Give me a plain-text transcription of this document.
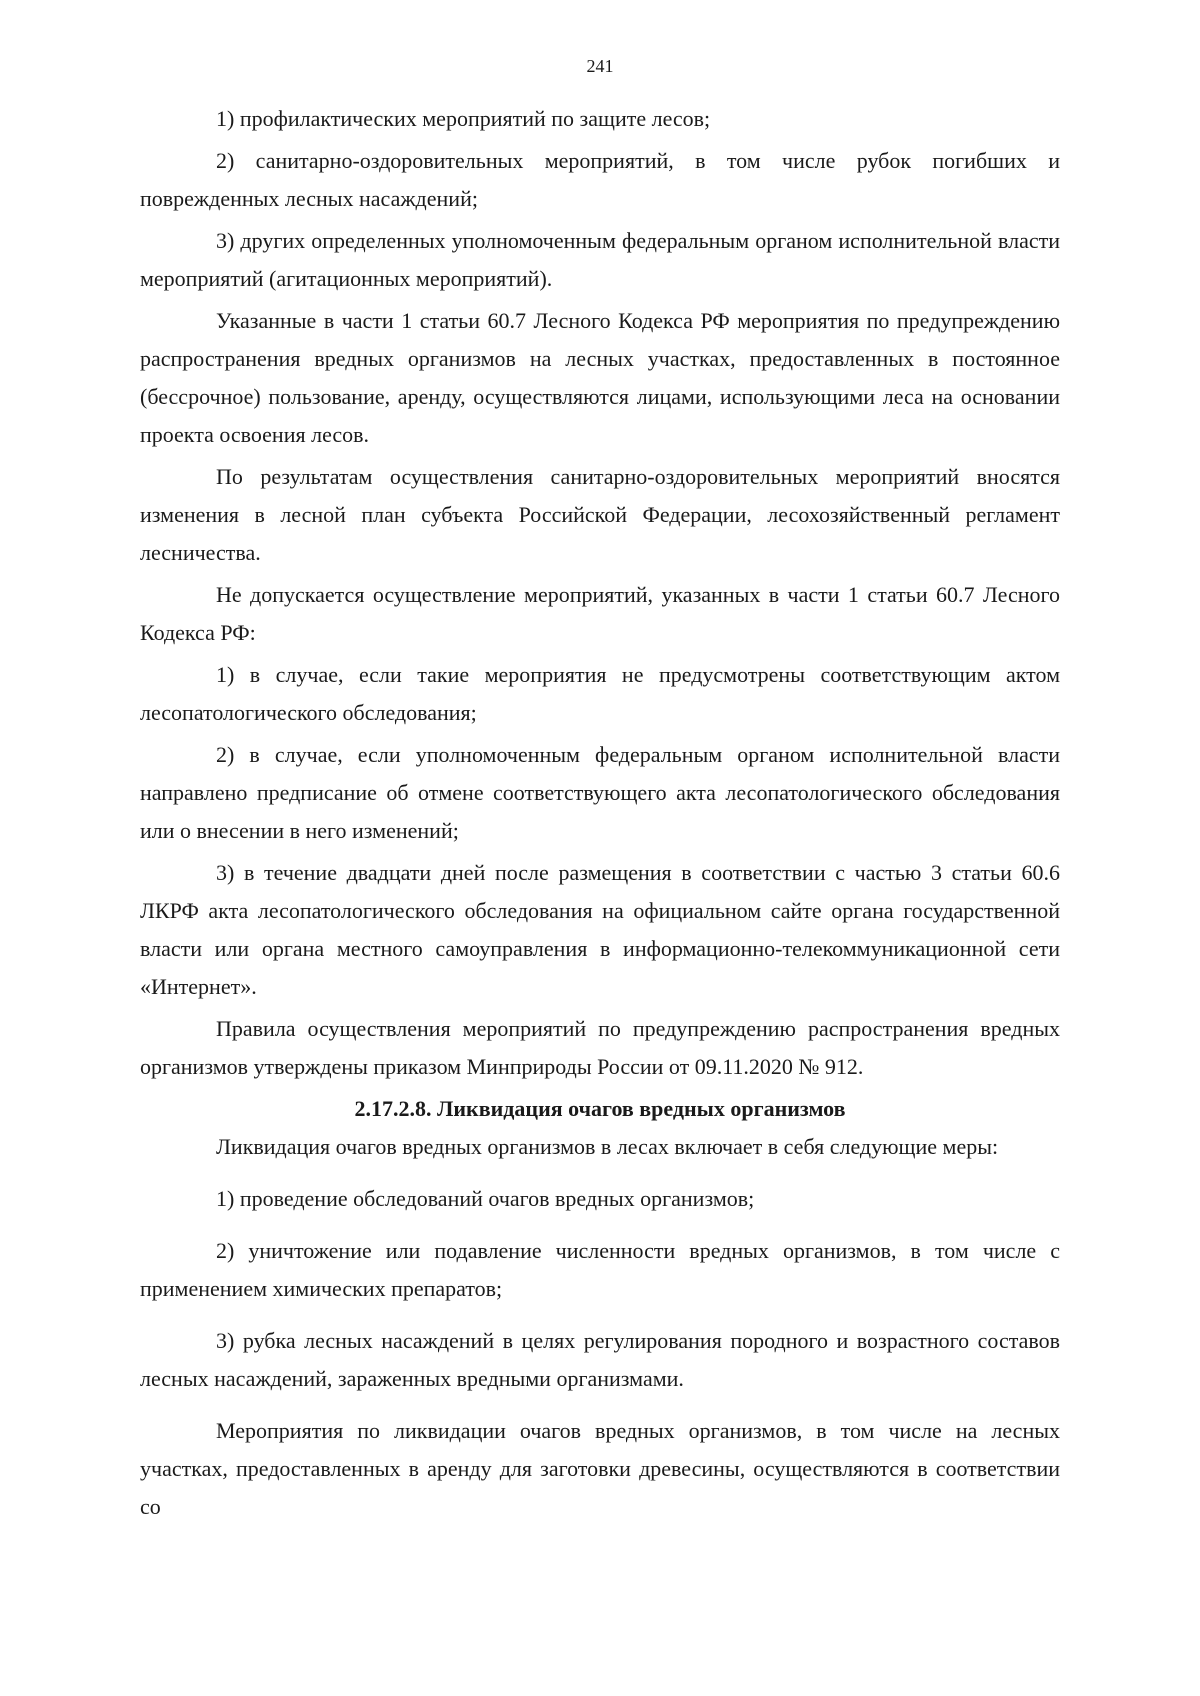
241

1) профилактических мероприятий по защите лесов;

2) санитарно-оздоровительных мероприятий, в том числе рубок погибших и поврежденных лесных насаждений;

3) других определенных уполномоченным федеральным органом исполнительной власти мероприятий (агитационных мероприятий).

Указанные в части 1 статьи 60.7 Лесного Кодекса РФ мероприятия по предупреждению распространения вредных организмов на лесных участках, предоставленных в постоянное (бессрочное) пользование, аренду, осуществляются лицами, использующими леса на основании проекта освоения лесов.

По результатам осуществления санитарно-оздоровительных мероприятий вносятся изменения в лесной план субъекта Российской Федерации, лесохозяйственный регламент лесничества.

Не допускается осуществление мероприятий, указанных в части 1 статьи 60.7 Лесного Кодекса РФ:

1) в случае, если такие мероприятия не предусмотрены соответствующим актом лесопатологического обследования;

2) в случае, если уполномоченным федеральным органом исполнительной власти направлено предписание об отмене соответствующего акта лесопатологического обследования или о внесении в него изменений;

3) в течение двадцати дней после размещения в соответствии с частью 3 статьи 60.6 ЛКРФ акта лесопатологического обследования на официальном сайте органа государственной власти или органа местного самоуправления в информационно-телекоммуникационной сети «Интернет».

Правила осуществления мероприятий по предупреждению распространения вредных организмов утверждены приказом Минприроды России от 09.11.2020 № 912.

2.17.2.8. Ликвидация очагов вредных организмов

Ликвидация очагов вредных организмов в лесах включает в себя следующие меры:

1) проведение обследований очагов вредных организмов;

2) уничтожение или подавление численности вредных организмов, в том числе с применением химических препаратов;

3) рубка лесных насаждений в целях регулирования породного и возрастного составов лесных насаждений, зараженных вредными организмами.

Мероприятия по ликвидации очагов вредных организмов, в том числе на лесных участках, предоставленных в аренду для заготовки древесины, осуществляются в соответствии со
